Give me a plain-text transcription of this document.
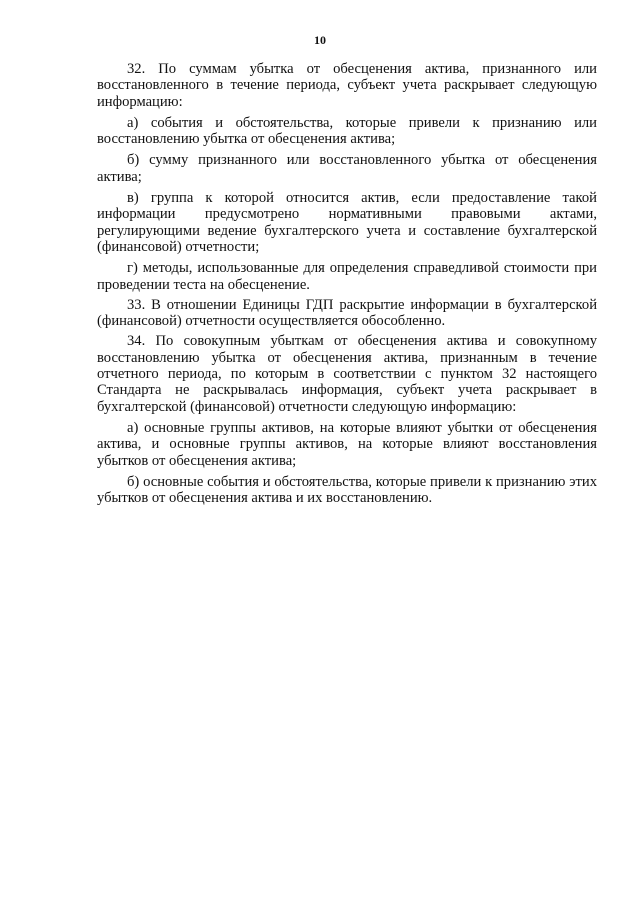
10

32. По суммам убытка от обесценения актива, признанного или восстановленного в течение периода, субъект учета раскрывает следующую информацию:

а) события и обстоятельства, которые привели к признанию или восстановлению убытка от обесценения актива;

б) сумму признанного или восстановленного убытка от обесценения актива;

в) группа к которой относится актив, если предоставление такой информации предусмотрено нормативными правовыми актами, регулирующими ведение бухгалтерского учета и составление бухгалтерской (финансовой) отчетности;

г) методы, использованные для определения справедливой стоимости при проведении теста на обесценение.

33. В отношении Единицы ГДП раскрытие информации в бухгалтерской (финансовой) отчетности осуществляется обособленно.

34. По совокупным убыткам от обесценения актива и совокупному восстановлению убытка от обесценения актива, признанным в течение отчетного периода, по которым в соответствии с пунктом 32 настоящего Стандарта не раскрывалась информация, субъект учета раскрывает в бухгалтерской (финансовой) отчетности следующую информацию:

а) основные группы активов, на которые влияют убытки от обесценения актива, и основные группы активов, на которые влияют восстановления убытков от обесценения актива;

б) основные события и обстоятельства, которые привели к признанию этих убытков от обесценения актива и их восстановлению.
